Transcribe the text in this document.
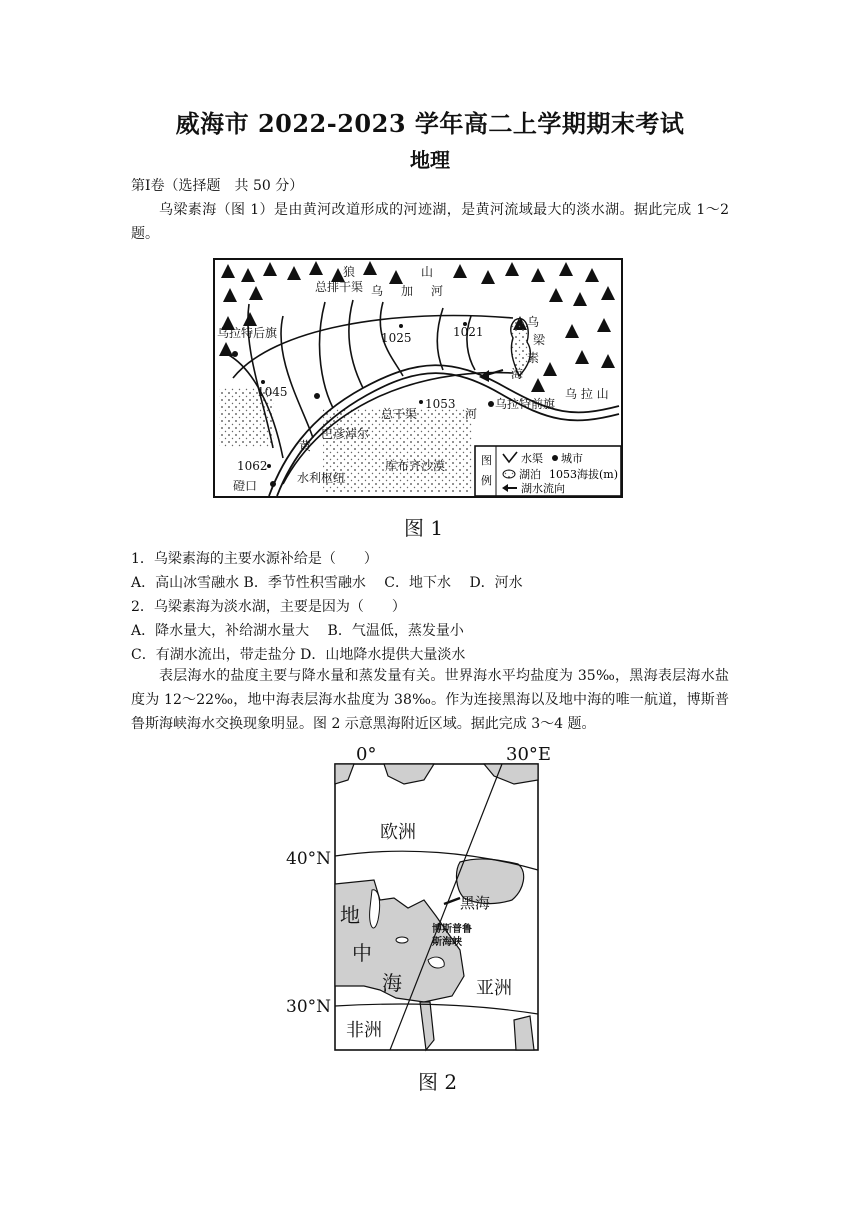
威海市 2022-2023 学年高二上学期期末考试
地理
第Ⅰ卷（选择题　共 50 分）
乌梁素海（图 1）是由黄河改道形成的河迹湖，是黄河流域最大的淡水湖。据此完成 1～2 题。
狼	山
总排干渠 乌 加 河
乌拉特后旗	1025	1021
1045
1053
1062
乌
梁
素
海
乌 拉 山
乌拉特前旗
总干渠	河
巴彦淖尔
黄
库布齐沙漠
水利枢纽
磴口
图
例
水渠 城市
湖泊 1053海拔(m)
湖水流向
图 1
1．乌梁素海的主要水源补给是（　　）
A．高山冰雪融水 B．季节性积雪融水　 C．地下水　 D．河水
2．乌梁素海为淡水湖，主要是因为（　　）
A．降水量大，补给湖水量大　 B．气温低，蒸发量小
C．有湖水流出，带走盐分 D．山地降水提供大量淡水
表层海水的盐度主要与降水量和蒸发量有关。世界海水平均盐度为 35‰，黑海表层海水盐度为 12～22‰，地中海表层海水盐度为 38‰。作为连接黑海以及地中海的唯一航道，博斯普鲁斯海峡海水交换现象明显。图 2 示意黑海附近区域。据此完成 3～4 题。
0°	30°E
40°N
30°N
欧洲
黑海
地
中
海
博斯普鲁
斯海峡
亚洲
非洲
图 2
